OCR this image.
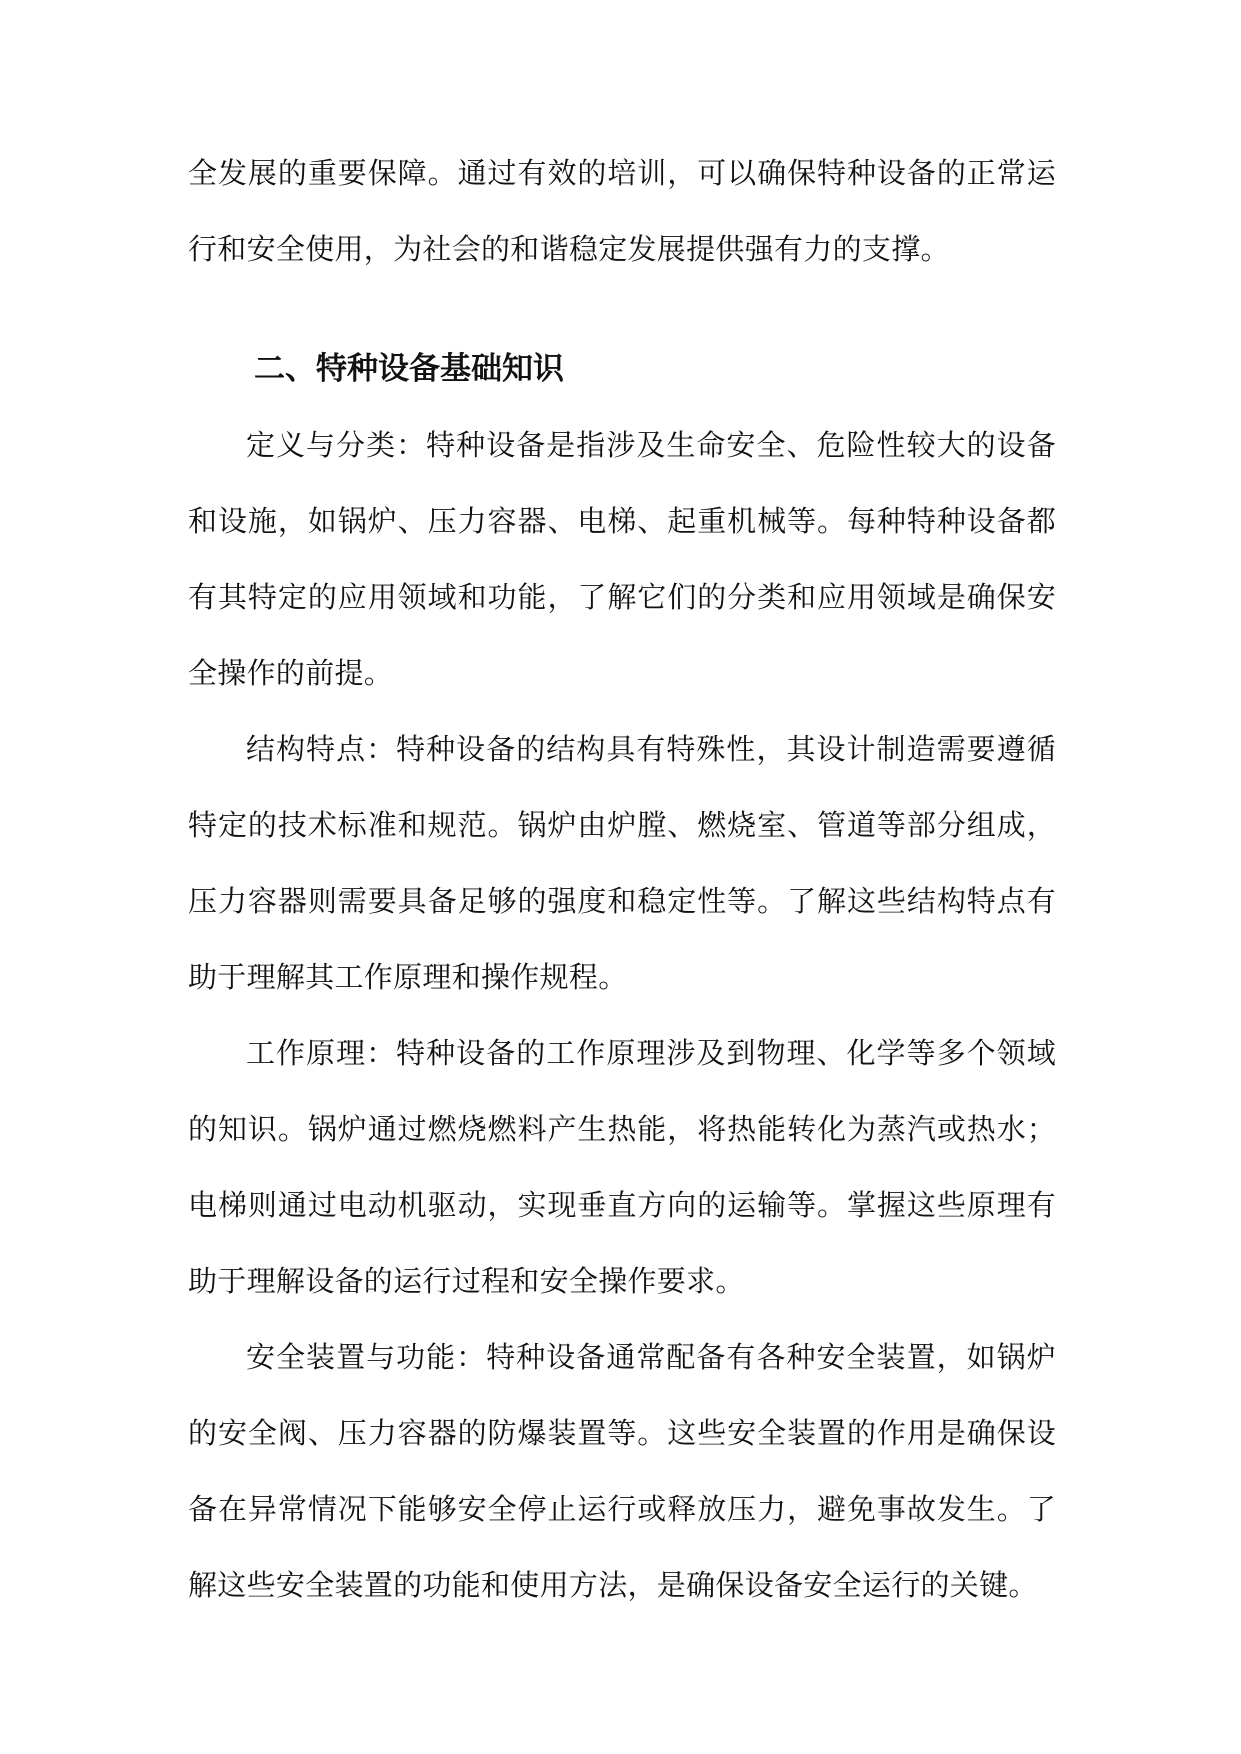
全发展的重要保障。通过有效的培训，可以确保特种设备的正常运行和安全使用，为社会的和谐稳定发展提供强有力的支撑。

二、特种设备基础知识

定义与分类：特种设备是指涉及生命安全、危险性较大的设备和设施，如锅炉、压力容器、电梯、起重机械等。每种特种设备都有其特定的应用领域和功能，了解它们的分类和应用领域是确保安全操作的前提。

结构特点：特种设备的结构具有特殊性，其设计制造需要遵循特定的技术标准和规范。锅炉由炉膛、燃烧室、管道等部分组成，压力容器则需要具备足够的强度和稳定性等。了解这些结构特点有助于理解其工作原理和操作规程。

工作原理：特种设备的工作原理涉及到物理、化学等多个领域的知识。锅炉通过燃烧燃料产生热能，将热能转化为蒸汽或热水；电梯则通过电动机驱动，实现垂直方向的运输等。掌握这些原理有助于理解设备的运行过程和安全操作要求。

安全装置与功能：特种设备通常配备有各种安全装置，如锅炉的安全阀、压力容器的防爆装置等。这些安全装置的作用是确保设备在异常情况下能够安全停止运行或释放压力，避免事故发生。了解这些安全装置的功能和使用方法，是确保设备安全运行的关键。
